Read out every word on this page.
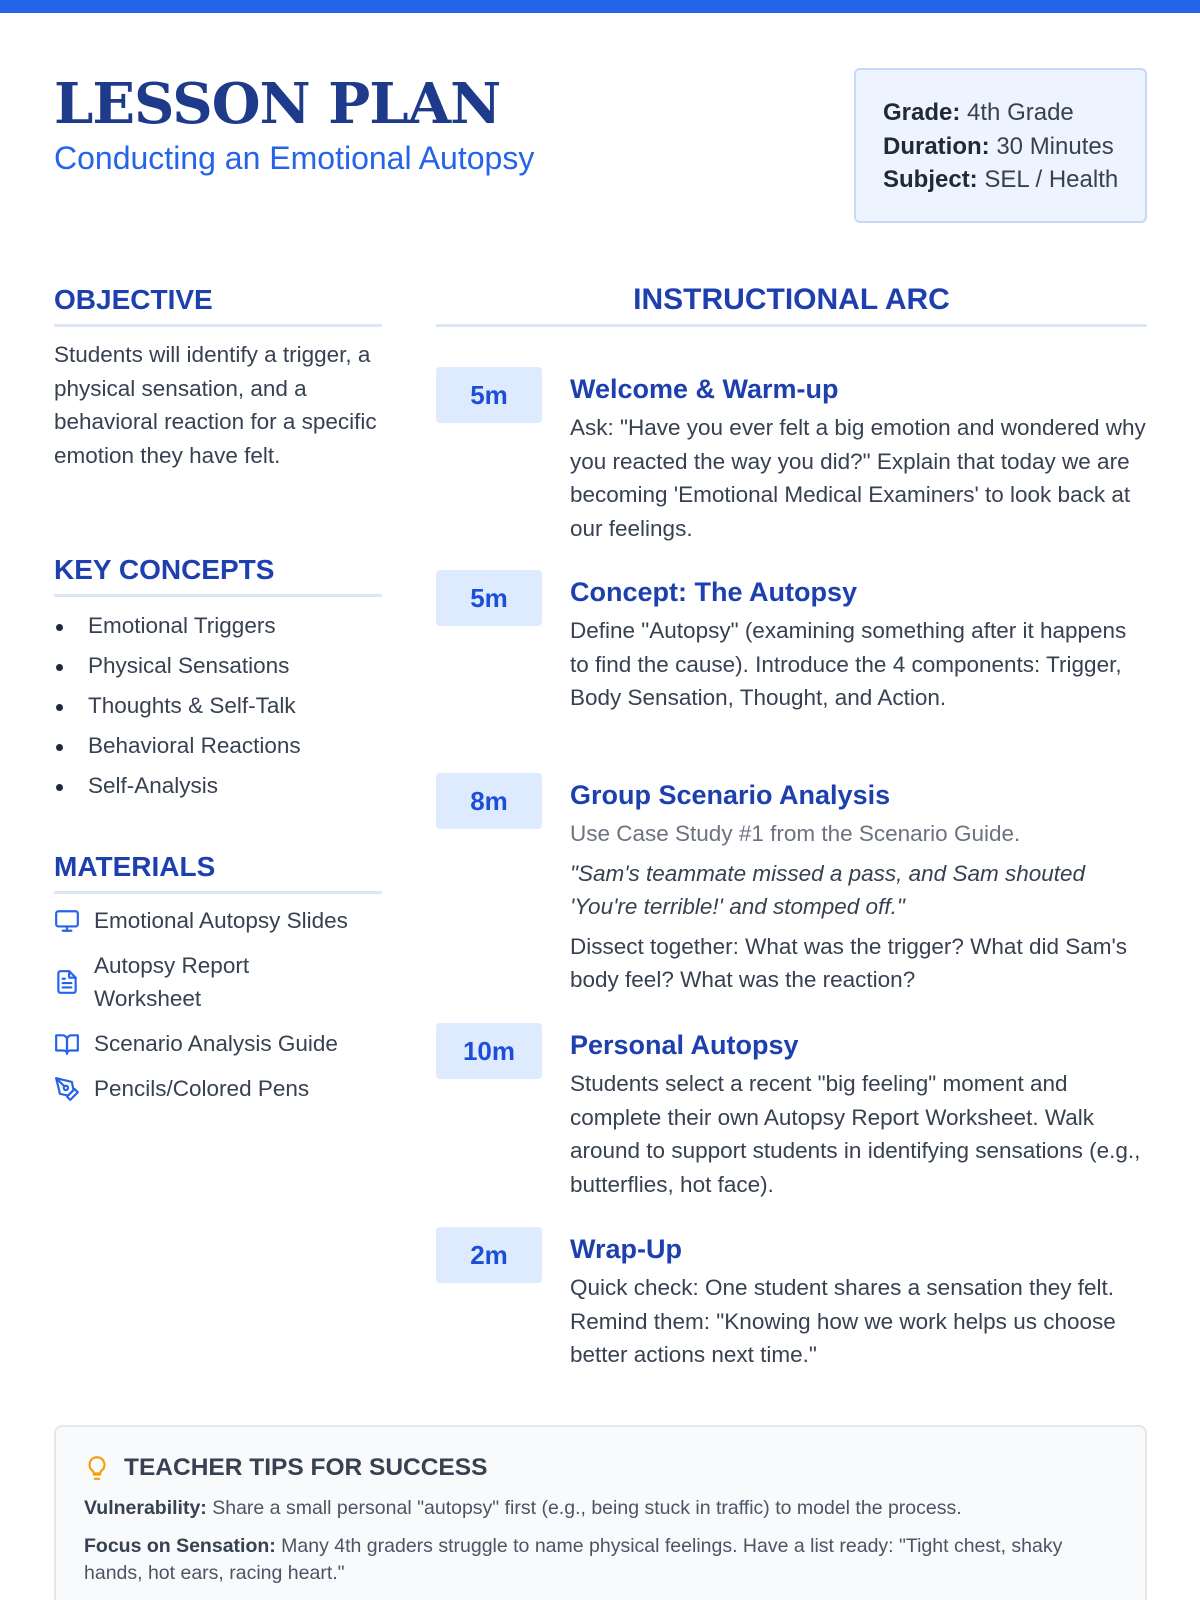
LESSON PLAN
Conducting an Emotional Autopsy
Grade: 4th Grade
Duration: 30 Minutes
Subject: SEL / Health
OBJECTIVE

Students will identify a trigger, a physical sensation, and a behavioral reaction for a specific emotion they have felt.

KEY CONCEPTS
Emotional Triggers
Physical Sensations
Thoughts & Self-Talk
Behavioral Reactions
Self-Analysis
MATERIALS
Emotional Autopsy Slides
Autopsy Report Worksheet
Scenario Analysis Guide
Pencils/Colored Pens
INSTRUCTIONAL ARC
5m	Welcome & Warm-up
Ask: "Have you ever felt a big emotion and wondered why you reacted the way you did?" Explain that today we are becoming 'Emotional Medical Examiners' to look back at our feelings.
5m	Concept: The Autopsy
Define "Autopsy" (examining something after it happens to find the cause). Introduce the 4 components: Trigger, Body Sensation, Thought, and Action.
8m	Group Scenario Analysis
Use Case Study #1 from the Scenario Guide.
"Sam's teammate missed a pass, and Sam shouted 'You're terrible!' and stomped off."
Dissect together: What was the trigger? What did Sam's body feel? What was the reaction?
10m	Personal Autopsy
Students select a recent "big feeling" moment and complete their own Autopsy Report Worksheet. Walk around to support students in identifying sensations (e.g., butterflies, hot face).
2m	Wrap-Up
Quick check: One student shares a sensation they felt. Remind them: "Knowing how we work helps us choose better actions next time."
TEACHER TIPS FOR SUCCESS

Vulnerability: Share a small personal "autopsy" first (e.g., being stuck in traffic) to model the process.

Focus on Sensation: Many 4th graders struggle to name physical feelings. Have a list ready: "Tight chest, shaky hands, hot ears, racing heart."
